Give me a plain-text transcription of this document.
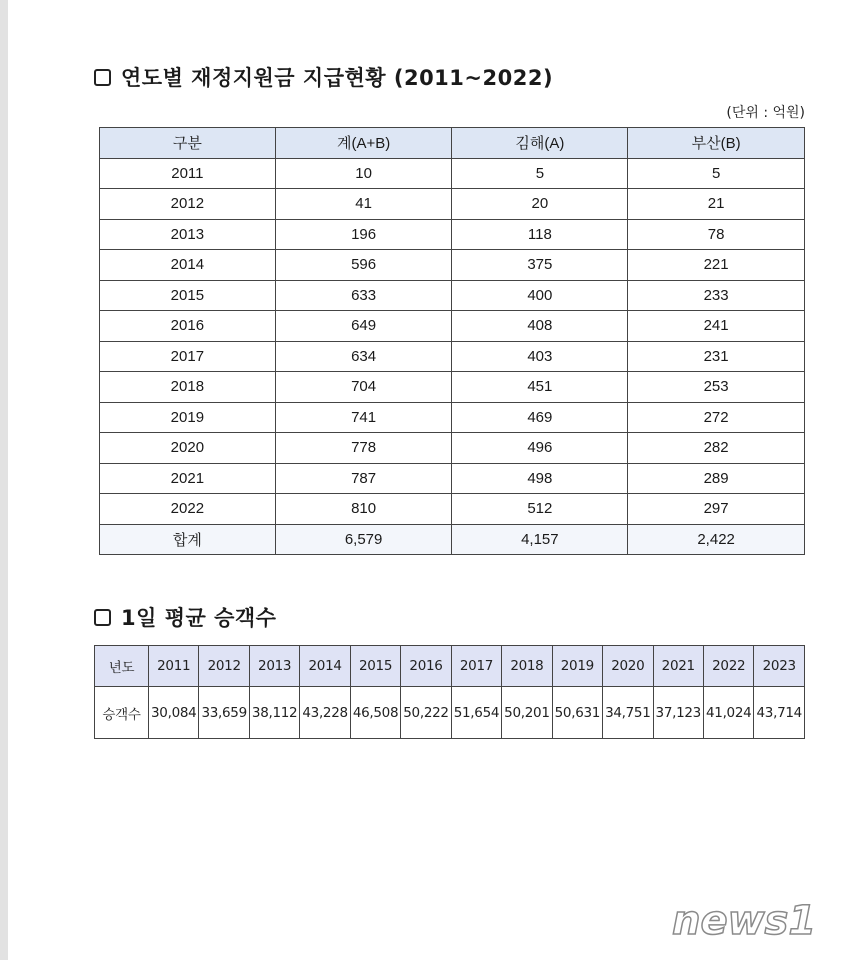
연도별 재정지원금 지급현황 (2011~2022)
(단위 : 억원)
구분	계(A+B)	김해(A)	부산(B)
2011	10	5	5
2012	41	20	21
2013	196	118	78
2014	596	375	221
2015	633	400	233
2016	649	408	241
2017	634	403	231
2018	704	451	253
2019	741	469	272
2020	778	496	282
2021	787	498	289
2022	810	512	297
합계	6,579	4,157	2,422
1일 평균 승객수
년도	2011	2012	2013	2014	2015	2016	2017	2018	2019	2020	2021	2022	2023
승객수	30,084	33,659	38,112	43,228	46,508	50,222	51,654	50,201	50,631	34,751	37,123	41,024	43,714
news1
